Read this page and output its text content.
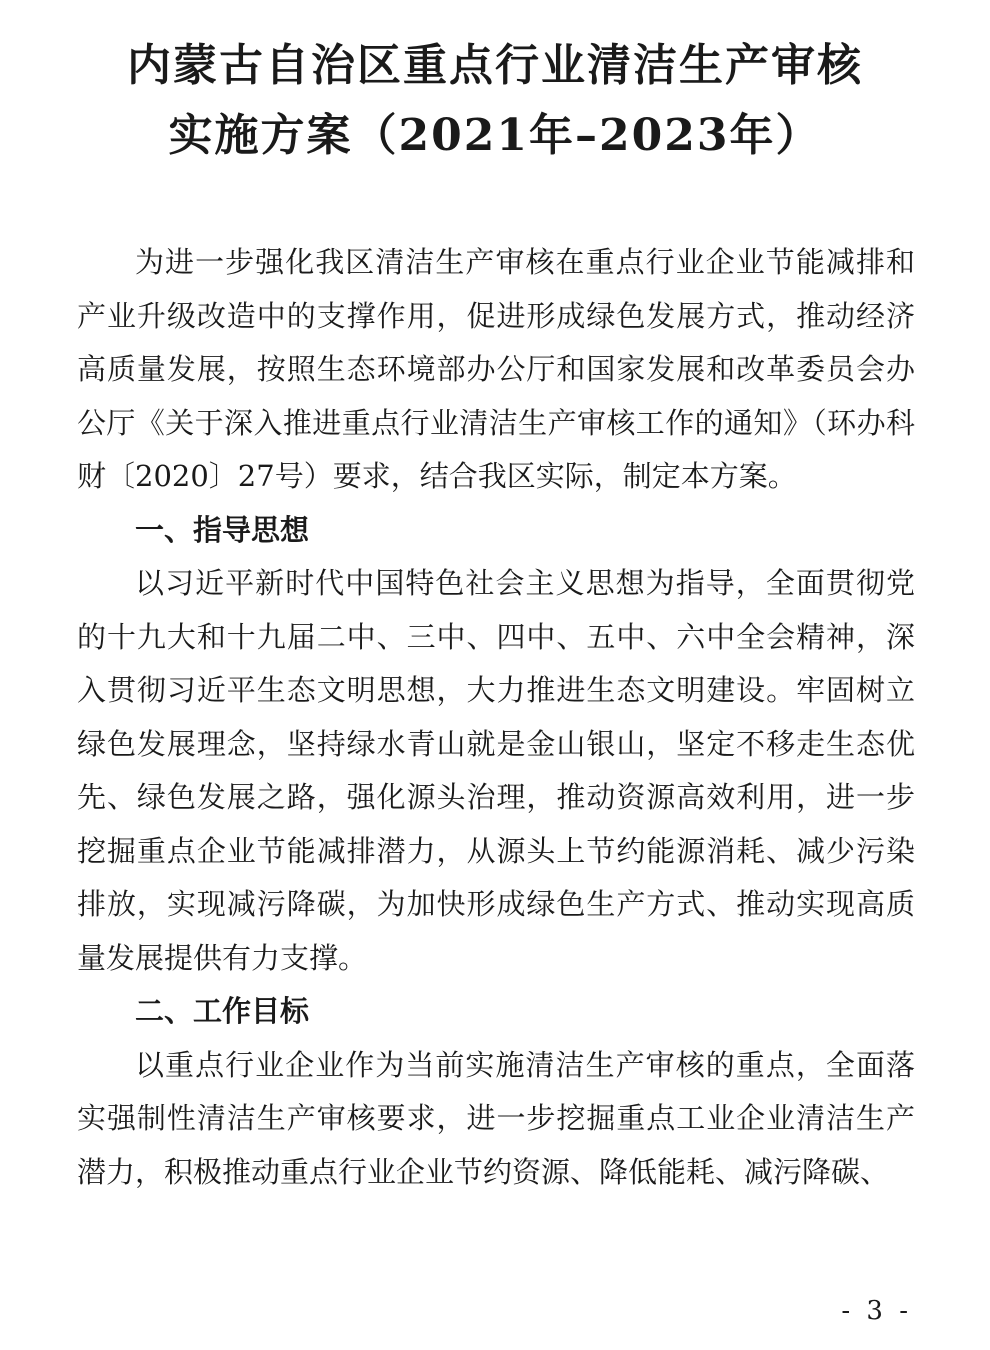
内蒙古自治区重点行业清洁生产审核
实施方案（2021年–2023年）

为进一步强化我区清洁生产审核在重点行业企业节能减排和产业升级改造中的支撑作用，促进形成绿色发展方式，推动经济高质量发展，按照生态环境部办公厅和国家发展和改革委员会办公厅《关于深入推进重点行业清洁生产审核工作的通知》（环办科财〔2020〕27号）要求，结合我区实际，制定本方案。

一、指导思想

以习近平新时代中国特色社会主义思想为指导，全面贯彻党的十九大和十九届二中、三中、四中、五中、六中全会精神，深入贯彻习近平生态文明思想，大力推进生态文明建设。牢固树立绿色发展理念，坚持绿水青山就是金山银山，坚定不移走生态优先、绿色发展之路，强化源头治理，推动资源高效利用，进一步挖掘重点企业节能减排潜力，从源头上节约能源消耗、减少污染排放，实现减污降碳，为加快形成绿色生产方式、推动实现高质量发展提供有力支撑。

二、工作目标

以重点行业企业作为当前实施清洁生产审核的重点，全面落实强制性清洁生产审核要求，进一步挖掘重点工业企业清洁生产潜力，积极推动重点行业企业节约资源、降低能耗、减污降碳、

- 3 -
